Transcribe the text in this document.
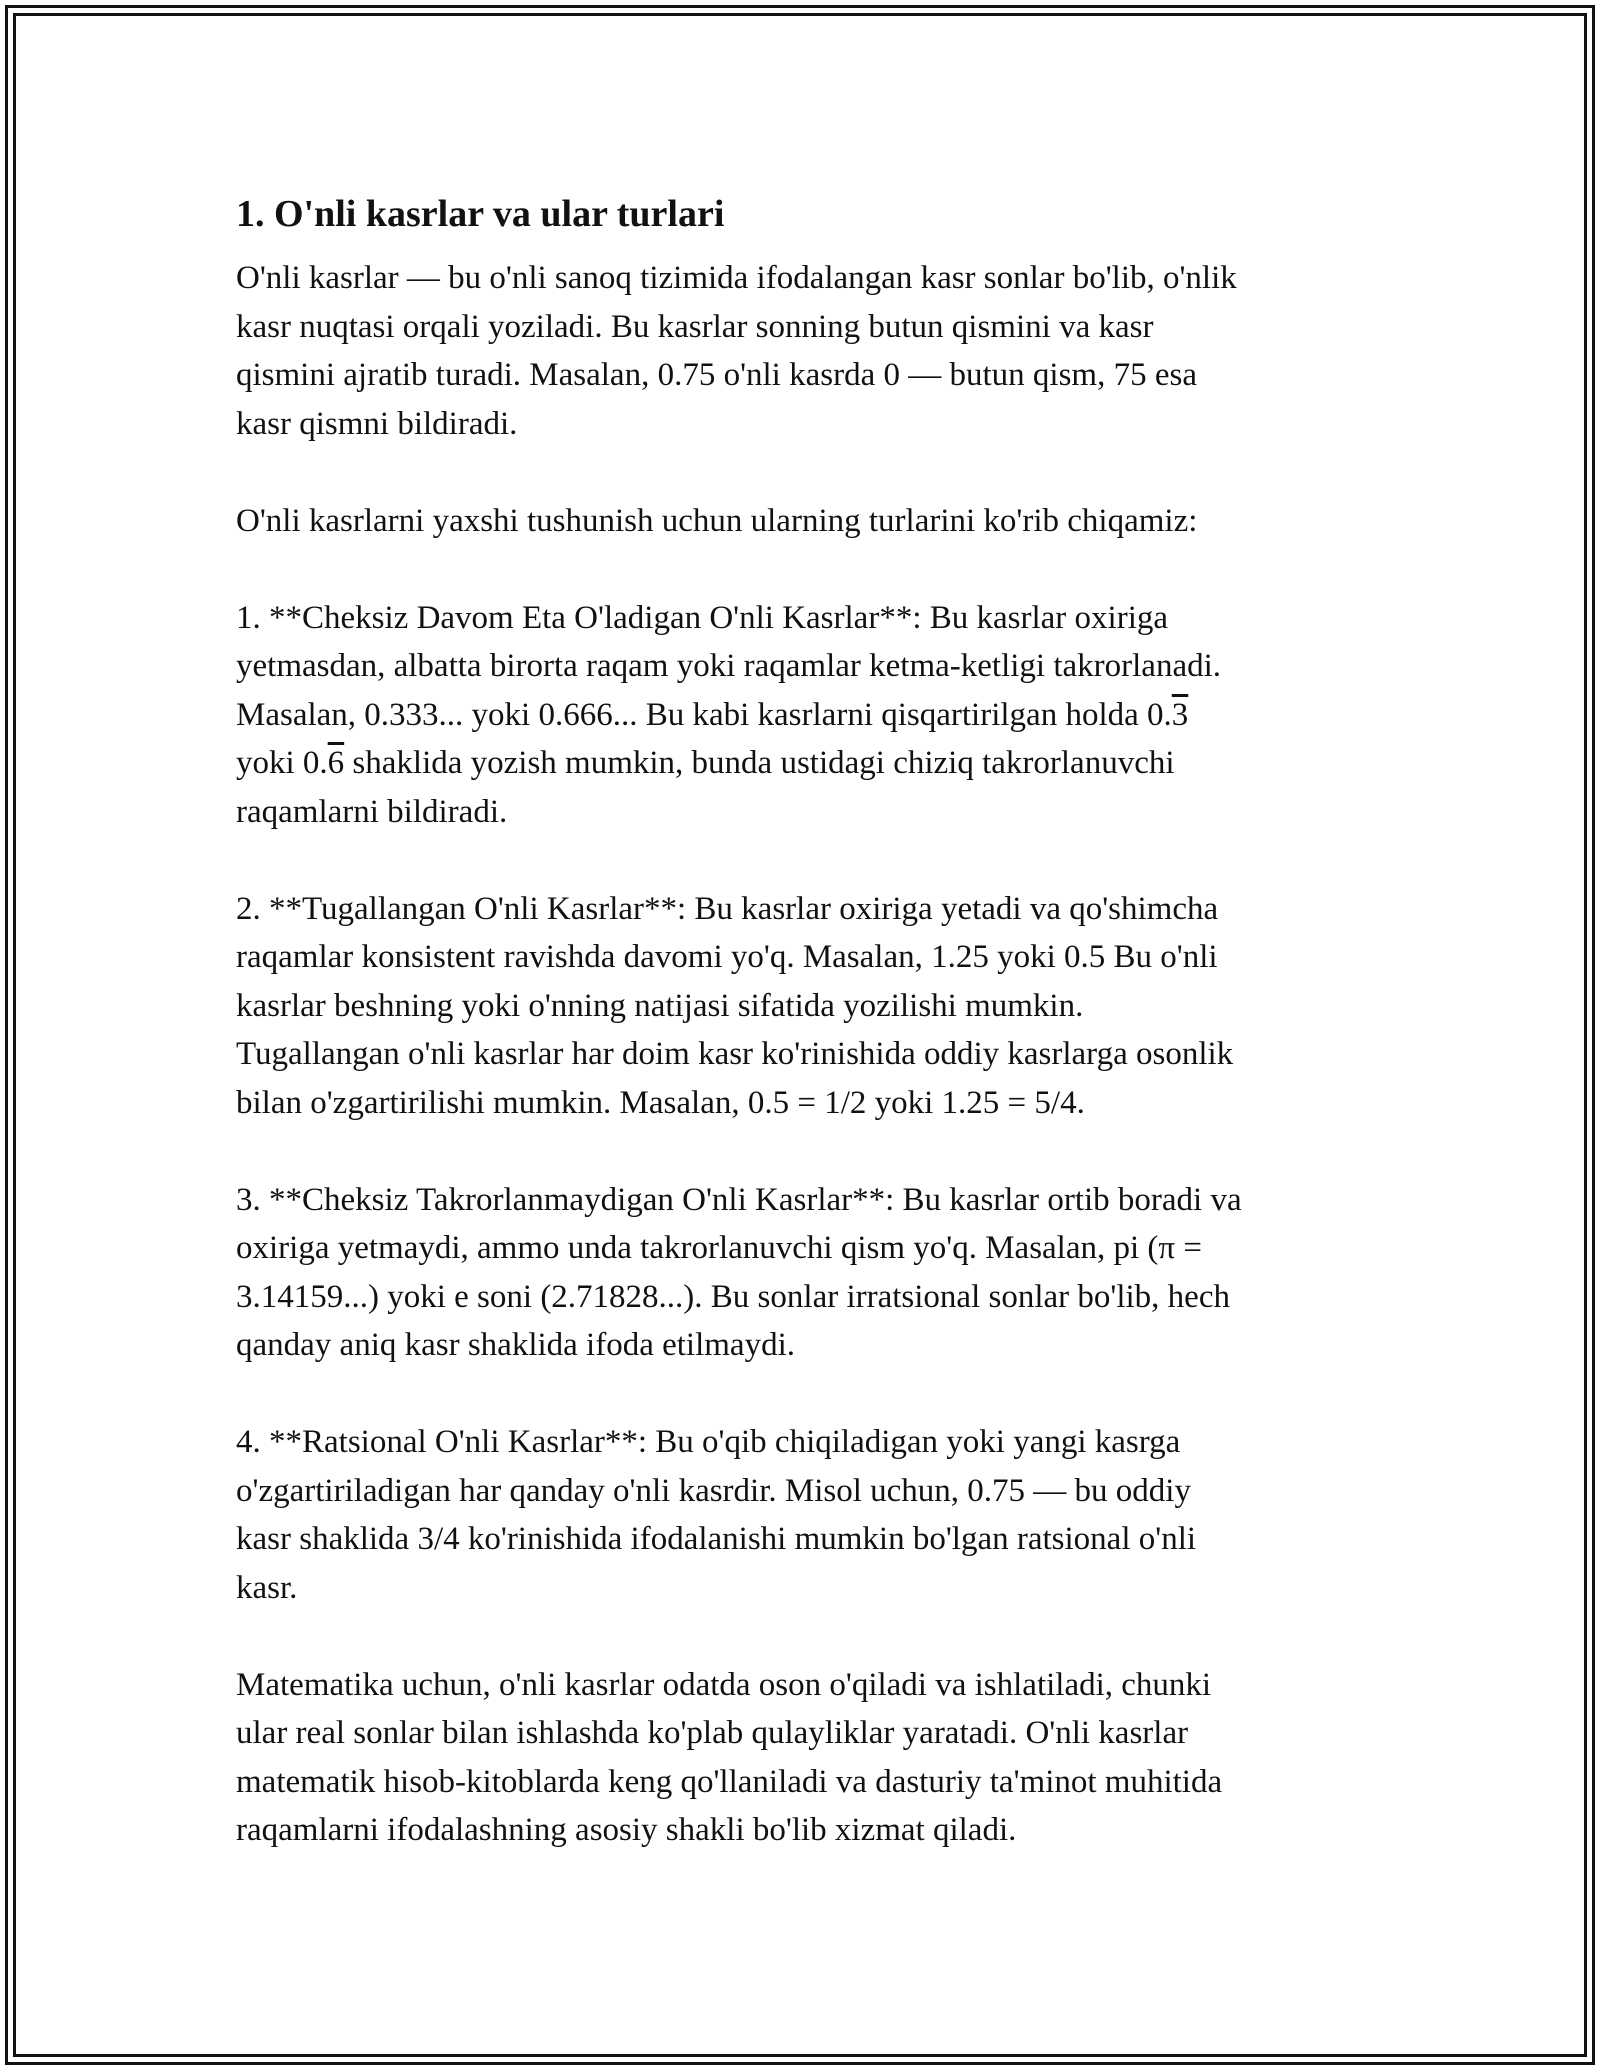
1. O'nli kasrlar va ular turlari

O'nli kasrlar — bu o'nli sanoq tizimida ifodalangan kasr sonlar bo'lib, o'nlik
kasr nuqtasi orqali yoziladi. Bu kasrlar sonning butun qismini va kasr
qismini ajratib turadi. Masalan, 0.75 o'nli kasrda 0 — butun qism, 75 esa
kasr qismni bildiradi.

O'nli kasrlarni yaxshi tushunish uchun ularning turlarini ko'rib chiqamiz:

1. **Cheksiz Davom Eta O'ladigan O'nli Kasrlar**: Bu kasrlar oxiriga
yetmasdan, albatta birorta raqam yoki raqamlar ketma-ketligi takrorlanadi.
Masalan, 0.333... yoki 0.666... Bu kabi kasrlarni qisqartirilgan holda 0.3
yoki 0.6 shaklida yozish mumkin, bunda ustidagi chiziq takrorlanuvchi
raqamlarni bildiradi.

2. **Tugallangan O'nli Kasrlar**: Bu kasrlar oxiriga yetadi va qo'shimcha
raqamlar konsistent ravishda davomi yo'q. Masalan, 1.25 yoki 0.5 Bu o'nli
kasrlar beshning yoki o'nning natijasi sifatida yozilishi mumkin.
Tugallangan o'nli kasrlar har doim kasr ko'rinishida oddiy kasrlarga osonlik
bilan o'zgartirilishi mumkin. Masalan, 0.5 = 1/2 yoki 1.25 = 5/4.

3. **Cheksiz Takrorlanmaydigan O'nli Kasrlar**: Bu kasrlar ortib boradi va
oxiriga yetmaydi, ammo unda takrorlanuvchi qism yo'q. Masalan, pi (π =
3.14159...) yoki e soni (2.71828...). Bu sonlar irratsional sonlar bo'lib, hech
qanday aniq kasr shaklida ifoda etilmaydi.

4. **Ratsional O'nli Kasrlar**: Bu o'qib chiqiladigan yoki yangi kasrga
o'zgartiriladigan har qanday o'nli kasrdir. Misol uchun, 0.75 — bu oddiy
kasr shaklida 3/4 ko'rinishida ifodalanishi mumkin bo'lgan ratsional o'nli
kasr.

Matematika uchun, o'nli kasrlar odatda oson o'qiladi va ishlatiladi, chunki
ular real sonlar bilan ishlashda ko'plab qulayliklar yaratadi. O'nli kasrlar
matematik hisob-kitoblarda keng qo'llaniladi va dasturiy ta'minot muhitida
raqamlarni ifodalashning asosiy shakli bo'lib xizmat qiladi.
